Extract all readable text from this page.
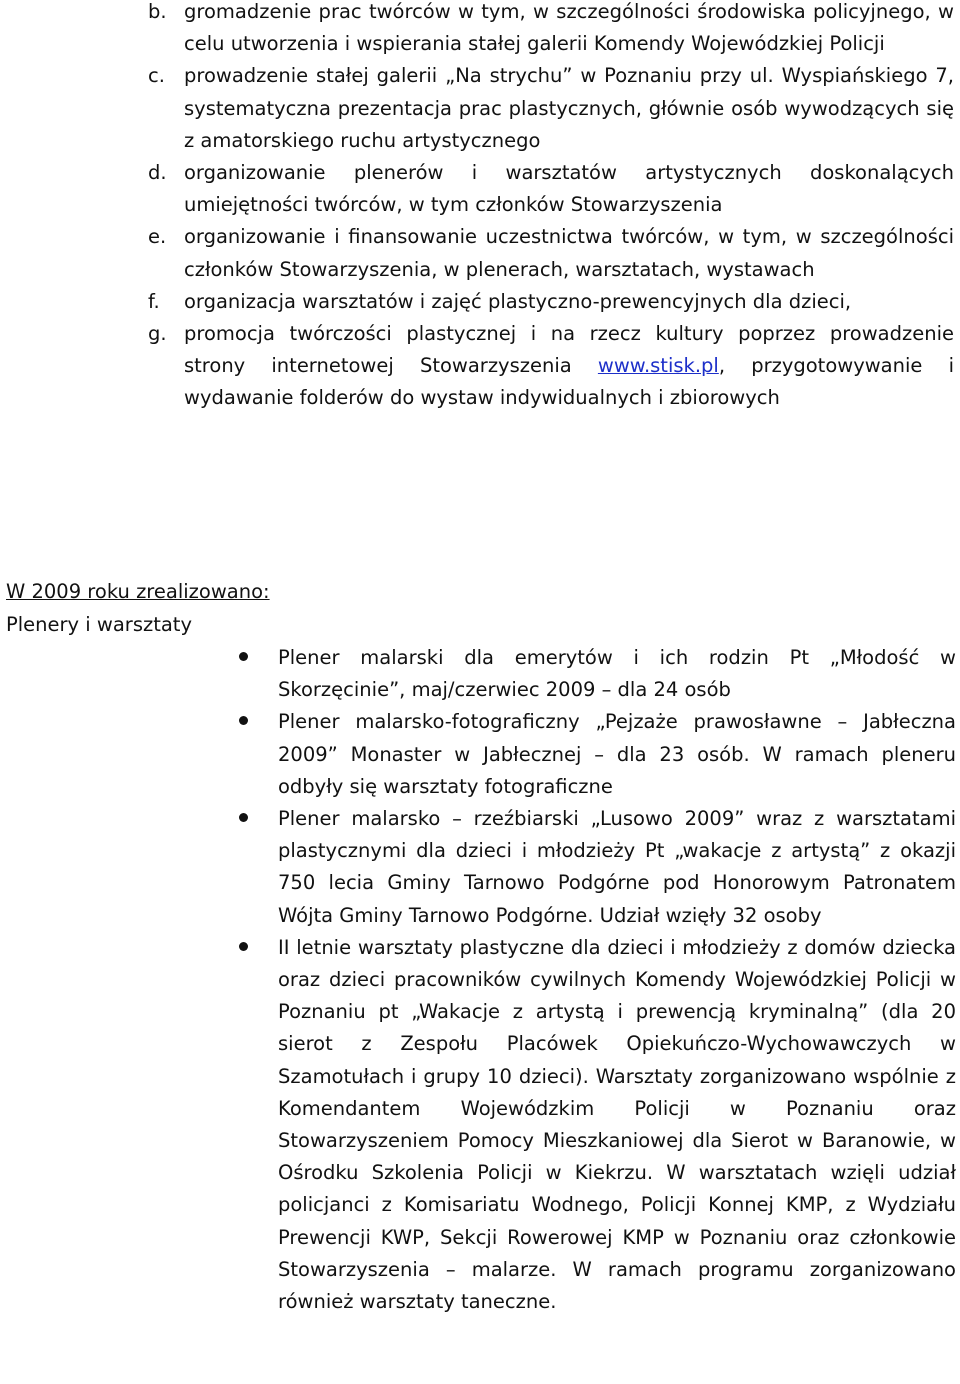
b. gromadzenie prac twórców w tym, w szczególności środowiska policyjnego, w celu utworzenia i wspierania stałej galerii Komendy Wojewódzkiej Policji
c. prowadzenie stałej galerii „Na strychu” w Poznaniu przy ul. Wyspiańskiego 7, systematyczna prezentacja prac plastycznych, głównie osób wywodzących się z amatorskiego ruchu artystycznego
d. organizowanie plenerów i warsztatów artystycznych doskonalących umiejętności twórców, w tym członków Stowarzyszenia
e. organizowanie i finansowanie uczestnictwa twórców, w tym, w szczególności członków Stowarzyszenia, w plenerach, warsztatach, wystawach
f. organizacja warsztatów i zajęć plastyczno-prewencyjnych dla dzieci,
g. promocja twórczości plastycznej i na rzecz kultury poprzez prowadzenie strony internetowej Stowarzyszenia www.stisk.pl, przygotowywanie i wydawanie folderów do wystaw indywidualnych i zbiorowych
W 2009 roku zrealizowano:
Plenery i warsztaty
Plener malarski dla emerytów i ich rodzin Pt „Młodość w Skorzęcinie”, maj/czerwiec 2009 – dla 24 osób
Plener malarsko-fotograficzny „Pejzaże prawosławne – Jabłeczna 2009” Monaster w Jabłecznej – dla 23 osób. W ramach pleneru odbyły się warsztaty fotograficzne
Plener malarsko – rzeźbiarski „Lusowo 2009” wraz z warsztatami plastycznymi dla dzieci i młodzieży Pt „wakacje z artystą” z okazji 750 lecia Gminy Tarnowo Podgórne pod Honorowym Patronatem Wójta Gminy Tarnowo Podgórne. Udział wzięły 32 osoby
II letnie warsztaty plastyczne dla dzieci i młodzieży z domów dziecka oraz dzieci pracowników cywilnych Komendy Wojewódzkiej Policji w Poznaniu pt „Wakacje z artystą i prewencją kryminalną” (dla 20 sierot z Zespołu Placówek Opiekuńczo-Wychowawczych w Szamotułach i grupy 10 dzieci). Warsztaty zorganizowano wspólnie z Komendantem Wojewódzkim Policji w Poznaniu oraz Stowarzyszeniem Pomocy Mieszkaniowej dla Sierot w Baranowie, w Ośrodku Szkolenia Policji w Kiekrzu. W warsztatach wzięli udział policjanci z Komisariatu Wodnego, Policji Konnej KMP, z Wydziału Prewencji KWP, Sekcji Rowerowej KMP w Poznaniu oraz członkowie Stowarzyszenia – malarze. W ramach programu zorganizowano również warsztaty taneczne.
